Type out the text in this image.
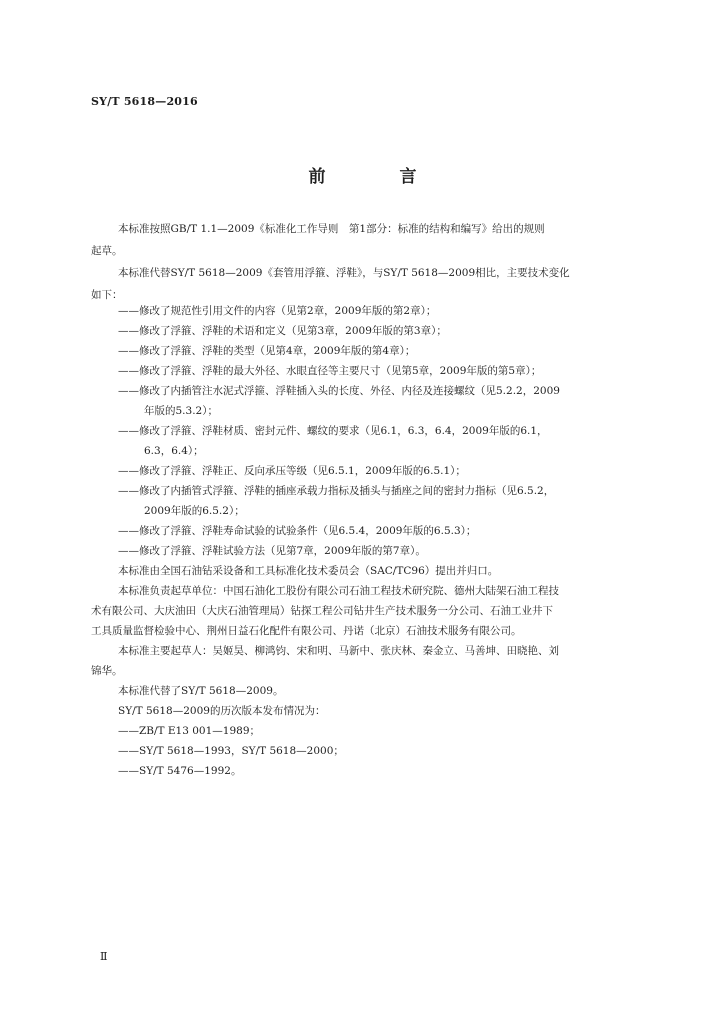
SY/T 5618—2016
前 言
本标准按照GB/T 1.1—2009《标准化工作导则　第1部分：标准的结构和编写》给出的规则
起草。
本标准代替SY/T 5618—2009《套管用浮箍、浮鞋》，与SY/T 5618—2009相比，主要技术变化
如下：
——修改了规范性引用文件的内容（见第2章，2009年版的第2章）；
——修改了浮箍、浮鞋的术语和定义（见第3章，2009年版的第3章）；
——修改了浮箍、浮鞋的类型（见第4章，2009年版的第4章）；
——修改了浮箍、浮鞋的最大外径、水眼直径等主要尺寸（见第5章，2009年版的第5章）；
——修改了内插管注水泥式浮箍、浮鞋插入头的长度、外径、内径及连接螺纹（见5.2.2，2009
年版的5.3.2）；
——修改了浮箍、浮鞋材质、密封元件、螺纹的要求（见6.1，6.3，6.4，2009年版的6.1，
6.3，6.4）；
——修改了浮箍、浮鞋正、反向承压等级（见6.5.1，2009年版的6.5.1）；
——修改了内插管式浮箍、浮鞋的插座承载力指标及插头与插座之间的密封力指标（见6.5.2，
2009年版的6.5.2）；
——修改了浮箍、浮鞋寿命试验的试验条件（见6.5.4，2009年版的6.5.3）；
——修改了浮箍、浮鞋试验方法（见第7章，2009年版的第7章）。
本标准由全国石油钻采设备和工具标准化技术委员会（SAC/TC96）提出并归口。
本标准负责起草单位：中国石油化工股份有限公司石油工程技术研究院、德州大陆架石油工程技
术有限公司、大庆油田（大庆石油管理局）钻探工程公司钻井生产技术服务一分公司、石油工业井下
工具质量监督检验中心、荆州日益石化配件有限公司、丹诺（北京）石油技术服务有限公司。
本标准主要起草人：吴姬昊、柳鸿钧、宋和明、马新中、张庆林、秦金立、马善坤、田晓艳、刘
锦华。
本标准代替了SY/T 5618—2009。
SY/T 5618—2009的历次版本发布情况为：
——ZB/T E13 001—1989；
——SY/T 5618—1993，SY/T 5618—2000；
——SY/T 5476—1992。
Ⅱ
